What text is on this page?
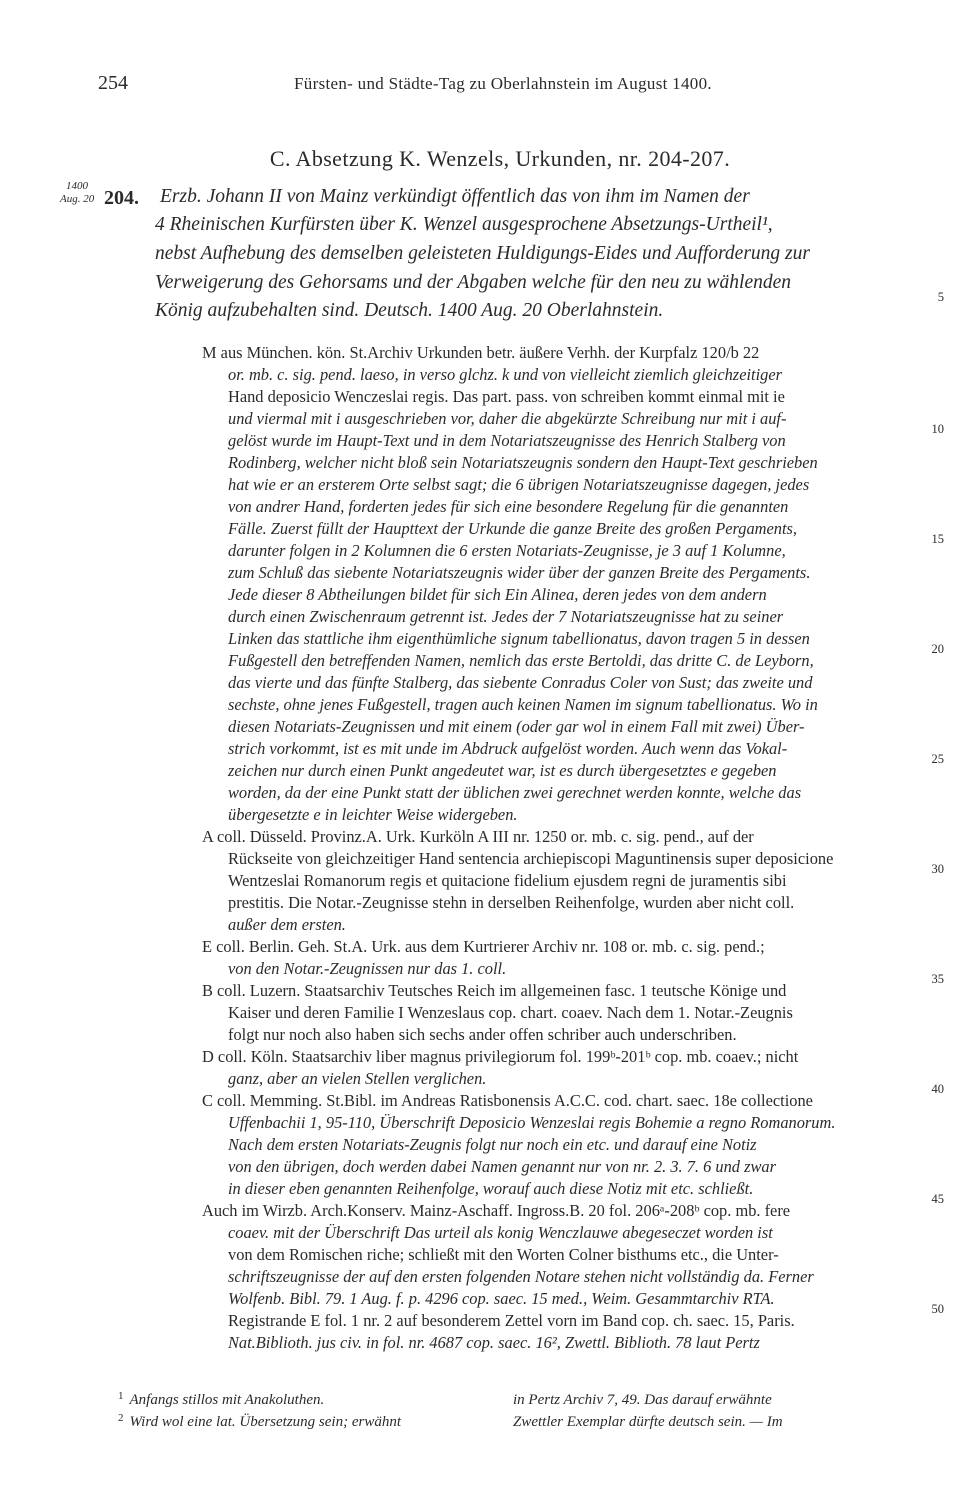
254	Fürsten- und Städte-Tag zu Oberlahnstein im August 1400.
C. Absetzung K. Wenzels, Urkunden, nr. 204-207.
1400
Aug. 20 204. Erzb. Johann II von Mainz verkündigt öffentlich das von ihm im Namen der
4 Rheinischen Kurfürsten über K. Wenzel ausgesprochene Absetzungs-Urtheil¹,
nebst Aufhebung des demselben geleisteten Huldigungs-Eides und Aufforderung zur
Verweigerung des Gehorsams und der Abgaben welche für den neu zu wählenden
König aufzubehalten sind. Deutsch. 1400 Aug. 20 Oberlahnstein.
M aus München. kön. St.Archiv Urkunden betr. äußere Verhh. der Kurpfalz 120/b 22
or. mb. c. sig. pend. laeso, in verso glchz. k und von vielleicht ziemlich gleichzeitiger
Hand deposicio Wenczeslai regis. Das part. pass. von schreiben kommt einmal mit ie
und viermal mit i ausgeschrieben vor, daher die abgekürzte Schreibung nur mit i auf-
gelöst wurde im Haupt-Text und in dem Notariatszeugnisse des Henrich Stalberg von
Rodinberg, welcher nicht bloß sein Notariatszeugnis sondern den Haupt-Text geschrieben
hat wie er an ersterem Orte selbst sagt; die 6 übrigen Notariatszeugnisse dagegen, jedes
von andrer Hand, forderten jedes für sich eine besondere Regelung für die genannten
Fälle. Zuerst füllt der Haupttext der Urkunde die ganze Breite des großen Pergaments,
darunter folgen in 2 Kolumnen die 6 ersten Notariats-Zeugnisse, je 3 auf 1 Kolumne,
zum Schluß das siebente Notariatszeugnis wider über der ganzen Breite des Pergaments.
Jede dieser 8 Abtheilungen bildet für sich Ein Alinea, deren jedes von dem andern
durch einen Zwischenraum getrennt ist. Jedes der 7 Notariatszeugnisse hat zu seiner
Linken das stattliche ihm eigenthümliche signum tabellionatus, davon tragen 5 in dessen
Fußgestell den betreffenden Namen, nemlich das erste Bertoldi, das dritte C. de Leyborn,
das vierte und das fünfte Stalberg, das siebente Conradus Coler von Sust; das zweite und
sechste, ohne jenes Fußgestell, tragen auch keinen Namen im signum tabellionatus. Wo in
diesen Notariats-Zeugnissen und mit einem (oder gar wol in einem Fall mit zwei) Über-
strich vorkommt, ist es mit unde im Abdruck aufgelöst worden. Auch wenn das Vokal-
zeichen nur durch einen Punkt angedeutet war, ist es durch übergesetztes e gegeben
worden, da der eine Punkt statt der üblichen zwei gerechnet werden konnte, welche das
übergesetzte e in leichter Weise widergeben.
A coll. Düsseld. Provinz.A. Urk. Kurköln A III nr. 1250 or. mb. c. sig. pend., auf der
Rückseite von gleichzeitiger Hand sentencia archiepiscopi Maguntinensis super deposicione
Wentzeslai Romanorum regis et quitacione fidelium ejusdem regni de juramentis sibi
prestitis. Die Notar.-Zeugnisse stehn in derselben Reihenfolge, wurden aber nicht coll.
außer dem ersten.
E coll. Berlin. Geh. St.A. Urk. aus dem Kurtrierer Archiv nr. 108 or. mb. c. sig. pend.;
von den Notar.-Zeugnissen nur das 1. coll.
B coll. Luzern. Staatsarchiv Teutsches Reich im allgemeinen fasc. 1 teutsche Könige und
Kaiser und deren Familie I Wenzeslaus cop. chart. coaev. Nach dem 1. Notar.-Zeugnis
folgt nur noch also haben sich sechs ander offen schriber auch underschriben.
D coll. Köln. Staatsarchiv liber magnus privilegiorum fol. 199ᵇ-201ᵇ cop. mb. coaev.; nicht
ganz, aber an vielen Stellen verglichen.
C coll. Memming. St.Bibl. im Andreas Ratisbonensis A.C.C. cod. chart. saec. 18e collectione
Uffenbachii 1, 95-110, Überschrift Deposicio Wenzeslai regis Bohemie a regno Romanorum.
Nach dem ersten Notariats-Zeugnis folgt nur noch ein etc. und darauf eine Notiz
von den übrigen, doch werden dabei Namen genannt nur von nr. 2. 3. 7. 6 und zwar
in dieser eben genannten Reihenfolge, worauf auch diese Notiz mit etc. schließt.
Auch im Wirzb. Arch.Konserv. Mainz-Aschaff. Ingross.B. 20 fol. 206ᵃ-208ᵇ cop. mb. fere
coaev. mit der Überschrift Das urteil als konig Wenczlauwe abegeseczet worden ist
von dem Romischen riche; schließt mit den Worten Colner bisthums etc., die Unter-
schriftszeugnisse der auf den ersten folgenden Notare stehen nicht vollständig da. Ferner
Wolfenb. Bibl. 79. 1 Aug. f. p. 4296 cop. saec. 15 med., Weim. Gesammtarchiv RTA.
Registrande E fol. 1 nr. 2 auf besonderem Zettel vorn im Band cop. ch. saec. 15, Paris.
Nat.Biblioth. jus civ. in fol. nr. 4687 cop. saec. 16², Zwettl. Biblioth. 78 laut Pertz
5
10
15
20
25
30
35
40
45
50
$^1$ Anfangs stillos mit Anakoluthen.
$^2$ Wird wol eine lat. Übersetzung sein; erwähnt
in Pertz Archiv 7, 49. Das darauf erwähnte
Zwettler Exemplar dürfte deutsch sein. — Im
